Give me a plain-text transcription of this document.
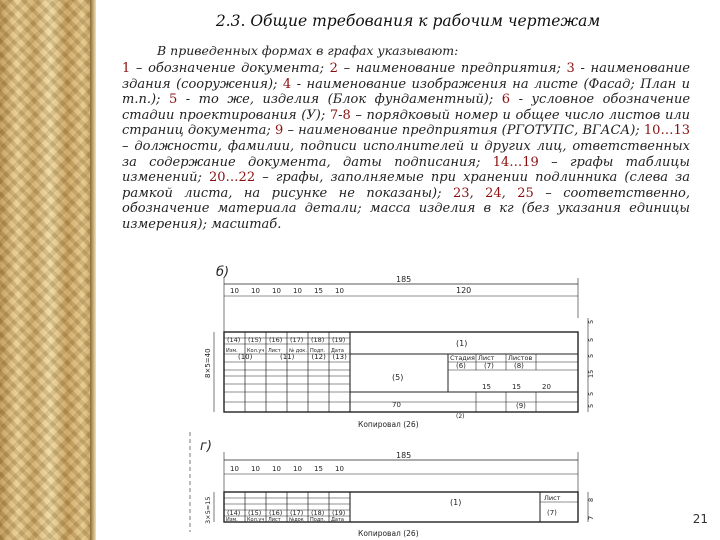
2.3. Общие требования к рабочим чертежам
В приведенных формах в графах указывают:
1 – обозначение документа; 2 – наименование предприятия; 3 - наименование здания (сооружения); 4 - наименование изображения на листе (Фасад; План и т.п.); 5 - то же, изделия (Блок фундаментный); 6 - условное обозначение стадии проектирования (У); 7-8 – порядковый номер и общее число листов или страниц документа; 9 – наименование предприятия (РГОТУПС, ВГАСА); 10…13 – должности, фамилии, подписи исполнителей и других лиц, ответственных за содержание документа, даты подписания; 14…19 – графы таблицы изменений; 20…22 – графы, заполняемые при хранении подлинника (слева за рамкой листа, на рисунке не показаны); 23, 24, 25 – соответственно, обозначение материала детали; масса изделия в кг (без указания единицы измерения); масштаб.
б)	185
120
10 10 10 10 15 10
(14) (15) (16) (17) (18) (19)
Изм. Кол.уч Лист № док. Подп. Дата
(10)	(11) (12) (13)
(1)
(5)
70
Стадия Лист Листов
(6)	(7)	(8)
15	15	20
(9)
(2)
8×5=40
5
5
5
15
5
5
Копировал (26)
г)
185
10 10 10 10 15 10
(14) (15) (16) (17) (18) (19)
Изм. Кол.уч Лист №док Подп. Дата
(1)	Лист
(7)
3×5=15	8
7
Копировал (26)
21
